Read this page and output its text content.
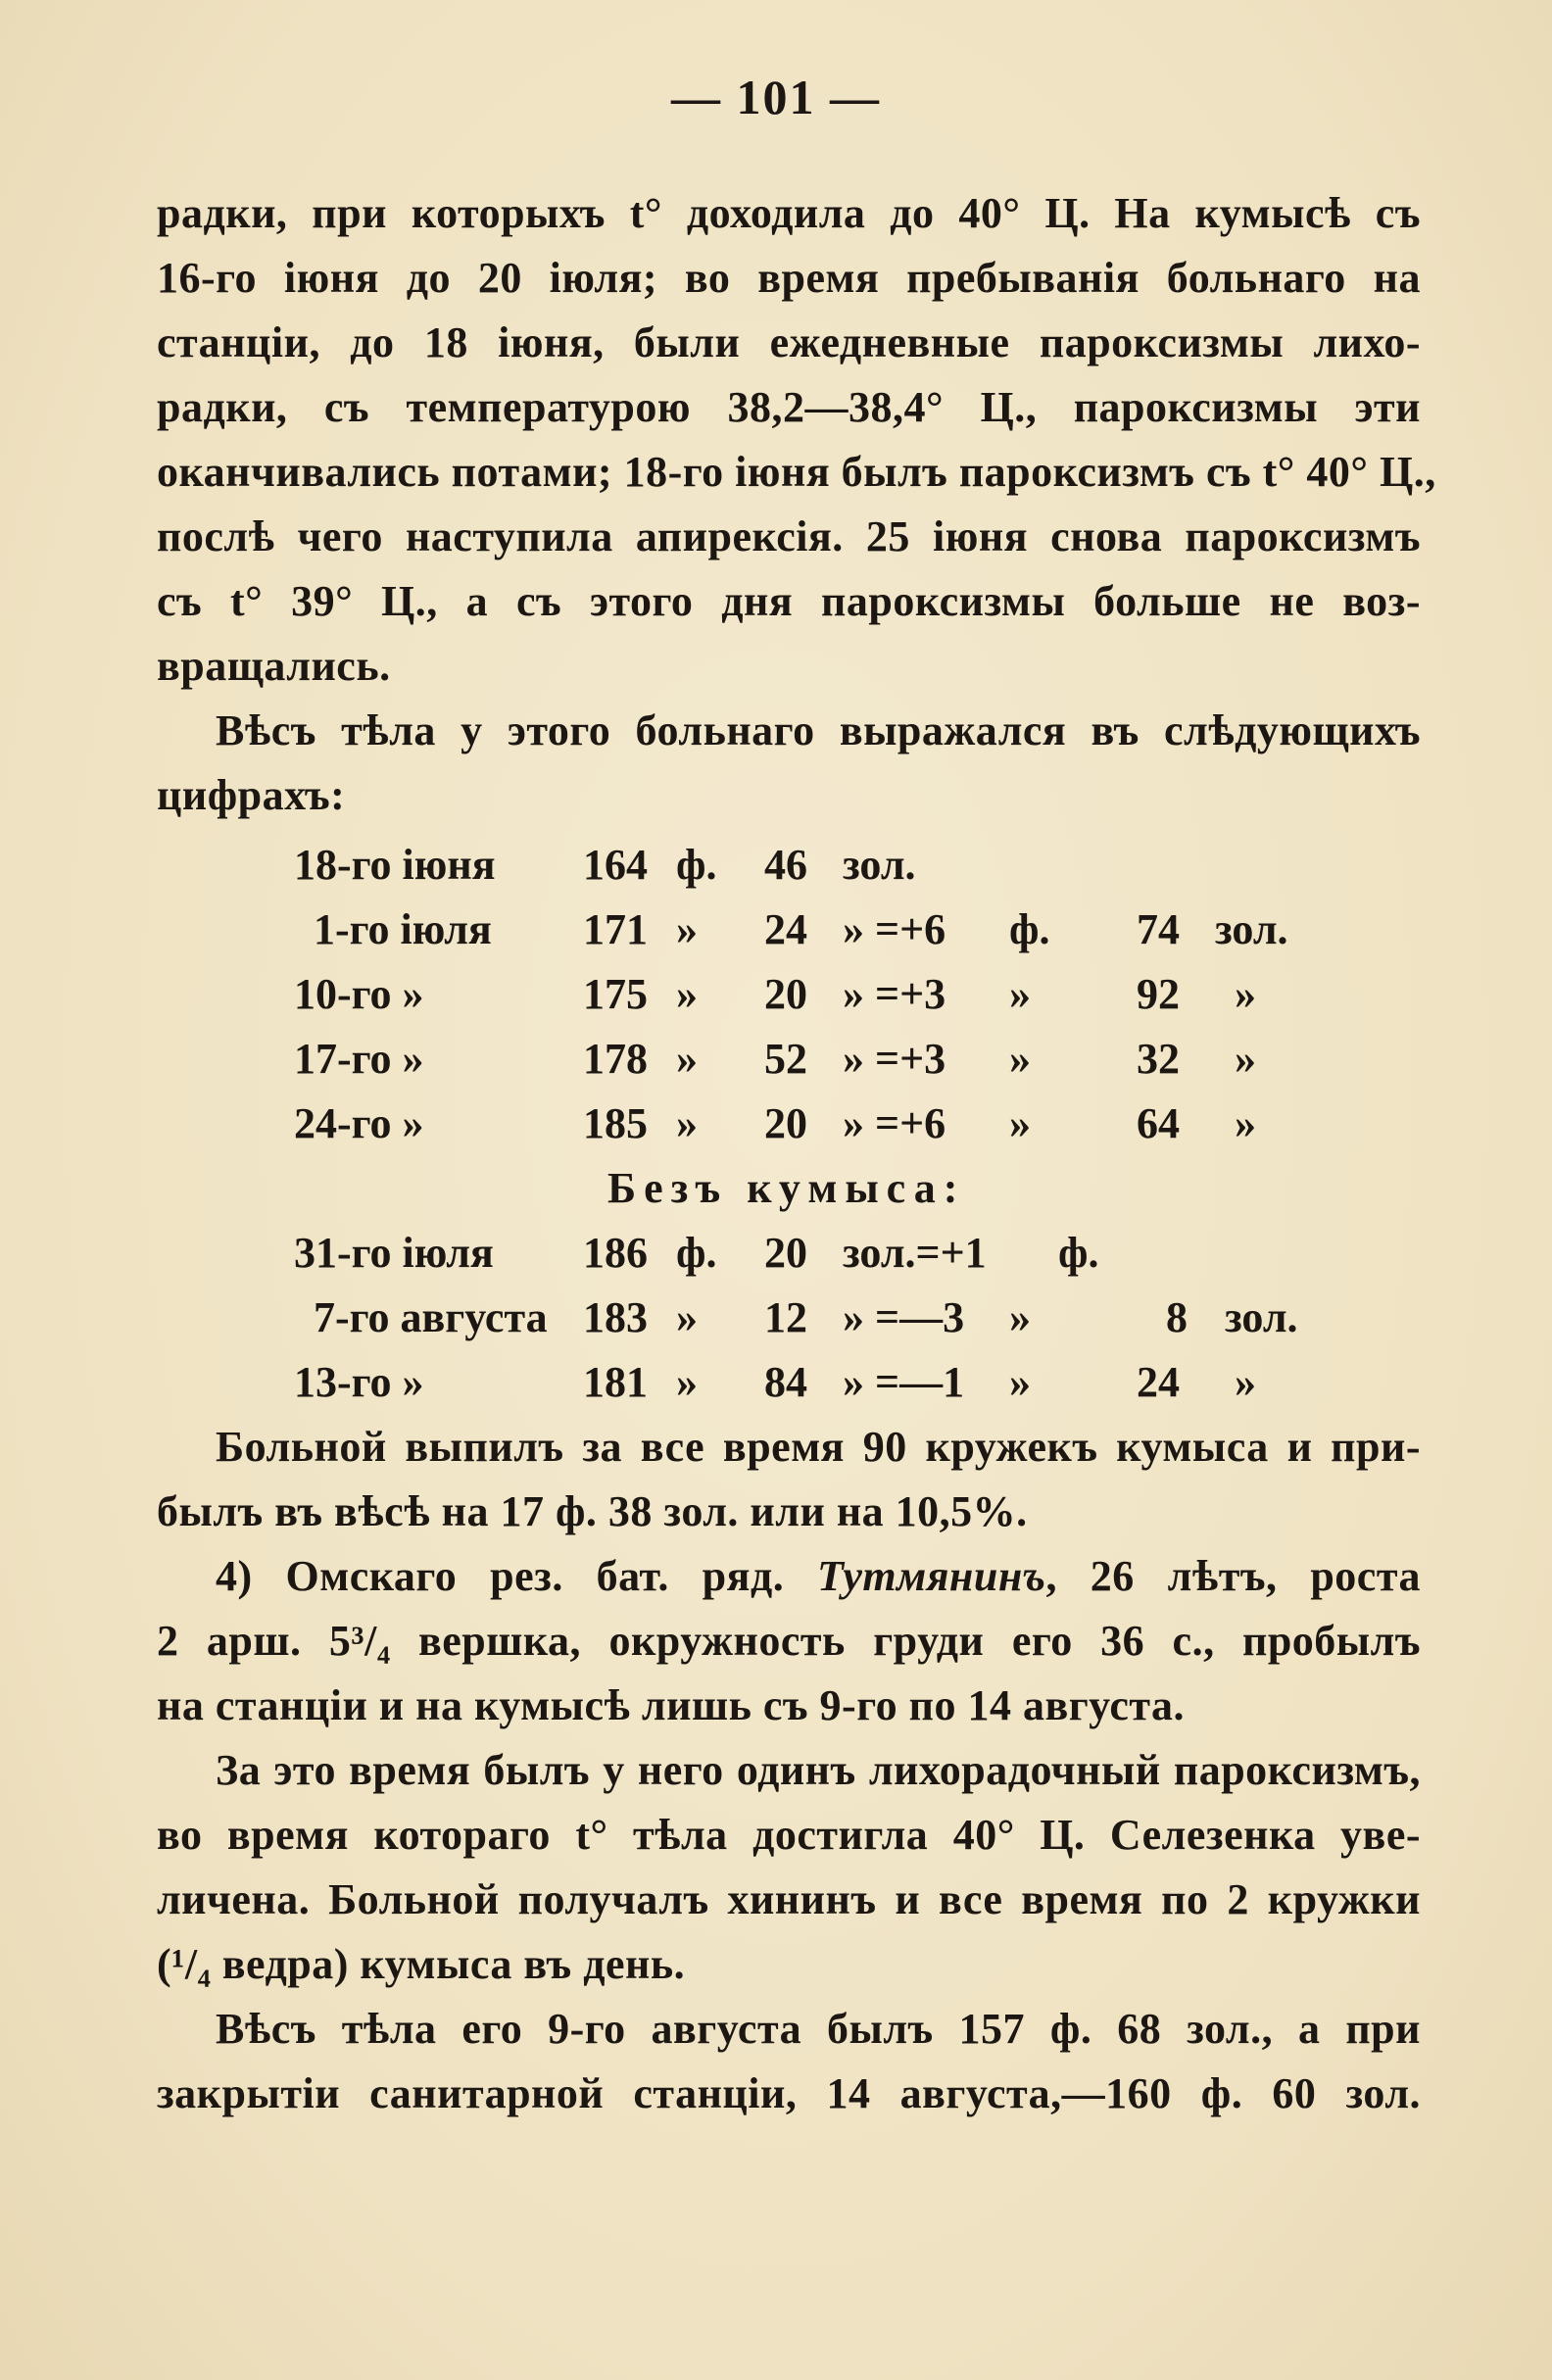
— 101 —
радки, при которыхъ t° доходила до 40° Ц. На кумысѣ съ
16-го іюня до 20 іюля; во время пребыванія больнаго на
станціи, до 18 іюня, были ежедневные пароксизмы лихо-
радки, съ температурою 38,2—38,4° Ц., пароксизмы эти
оканчивались потами; 18-го іюня былъ пароксизмъ съ t° 40° Ц.,
послѣ чего наступила апирексія. 25 іюня снова пароксизмъ
съ t° 39° Ц., а съ этого дня пароксизмы больше не воз-
вращались.
Вѣсъ тѣла у этого больнаго выражался въ слѣдующихъ
цифрахъ:
18-го іюня 164 ф. 46 зол.
1-го іюля 171 » 24 » =+6 ф. 74 зол.
10-го »	175 » 20 » =+3 » 92 »
17-го »	178 » 52 » =+3 » 32 »
24-го »	185 » 20 » =+6 » 64 »
Безъ кумыса:
31-го іюля 186 ф. 20 зол.=+1 ф.
7-го августа 183 » 12 » =—3 »	8 зол.
13-го »	181 » 84 » =—1 » 24 »
Больной выпилъ за все время 90 кружекъ кумыса и при-
былъ въ вѣсѣ на 17 ф. 38 зол. или на 10,5%.
4) Омскаго рез. бат. ряд. Тутмянинъ, 26 лѣтъ, роста
2 арш. 5³/₄ вершка, окружность груди его 36 с., пробылъ
на станціи и на кумысѣ лишь съ 9-го по 14 августа.
За это время былъ у него одинъ лихорадочный пароксизмъ,
во время котораго t° тѣла достигла 40° Ц. Селезенка уве-
личена. Больной получалъ хининъ и все время по 2 кружки
(¹/₄ ведра) кумыса въ день.
Вѣсъ тѣла его 9-го августа былъ 157 ф. 68 зол., а при
закрытіи санитарной станціи, 14 августа,—160 ф. 60 зол.
